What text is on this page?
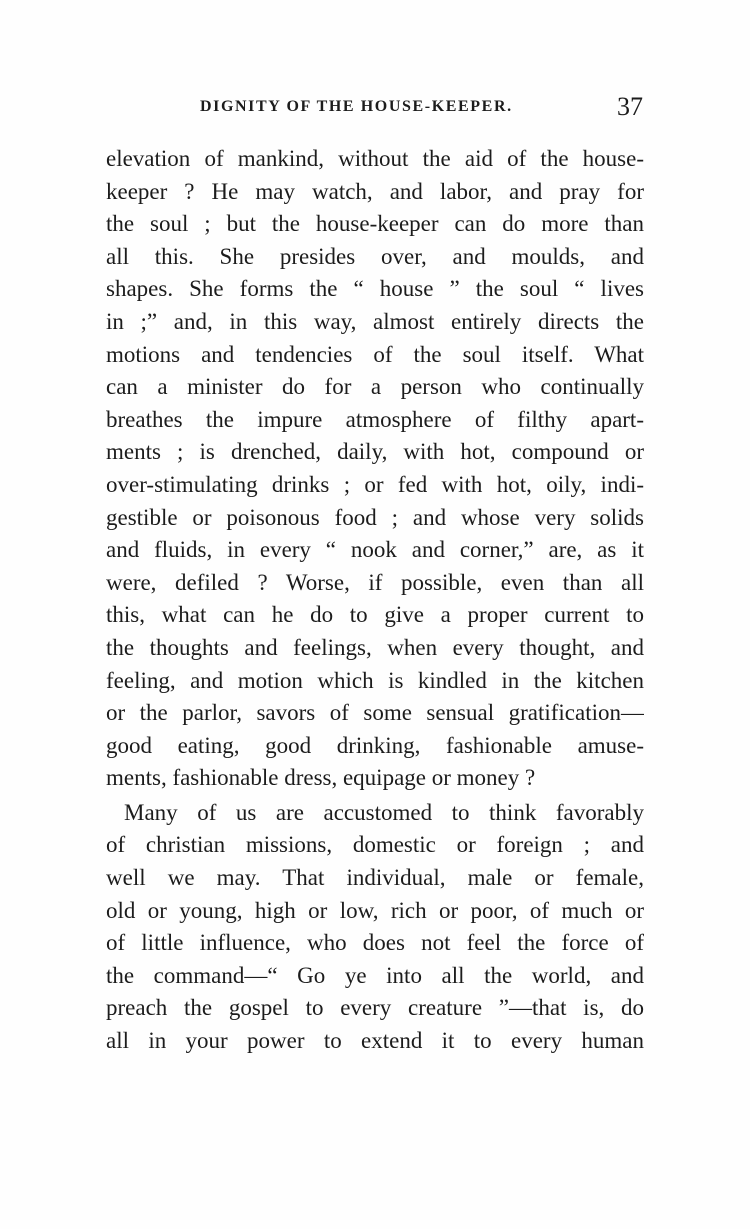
DIGNITY OF THE HOUSE-KEEPER.	37
elevation of mankind, without the aid of the house-
keeper ? He may watch, and labor, and pray for
the soul ; but the house-keeper can do more than
all this. She presides over, and moulds, and
shapes. She forms the “ house ” the soul “ lives
in ;” and, in this way, almost entirely directs the
motions and tendencies of the soul itself. What
can a minister do for a person who continually
breathes the impure atmosphere of filthy apart-
ments ; is drenched, daily, with hot, compound or
over-stimulating drinks ; or fed with hot, oily, indi-
gestible or poisonous food ; and whose very solids
and fluids, in every “ nook and corner,” are, as it
were, defiled ? Worse, if possible, even than all
this, what can he do to give a proper current to
the thoughts and feelings, when every thought, and
feeling, and motion which is kindled in the kitchen
or the parlor, savors of some sensual gratification—
good eating, good drinking, fashionable amuse-
ments, fashionable dress, equipage or money ?
Many of us are accustomed to think favorably
of christian missions, domestic or foreign ; and
well we may. That individual, male or female,
old or young, high or low, rich or poor, of much or
of little influence, who does not feel the force of
the command—“ Go ye into all the world, and
preach the gospel to every creature ”—that is, do
all in your power to extend it to every human
